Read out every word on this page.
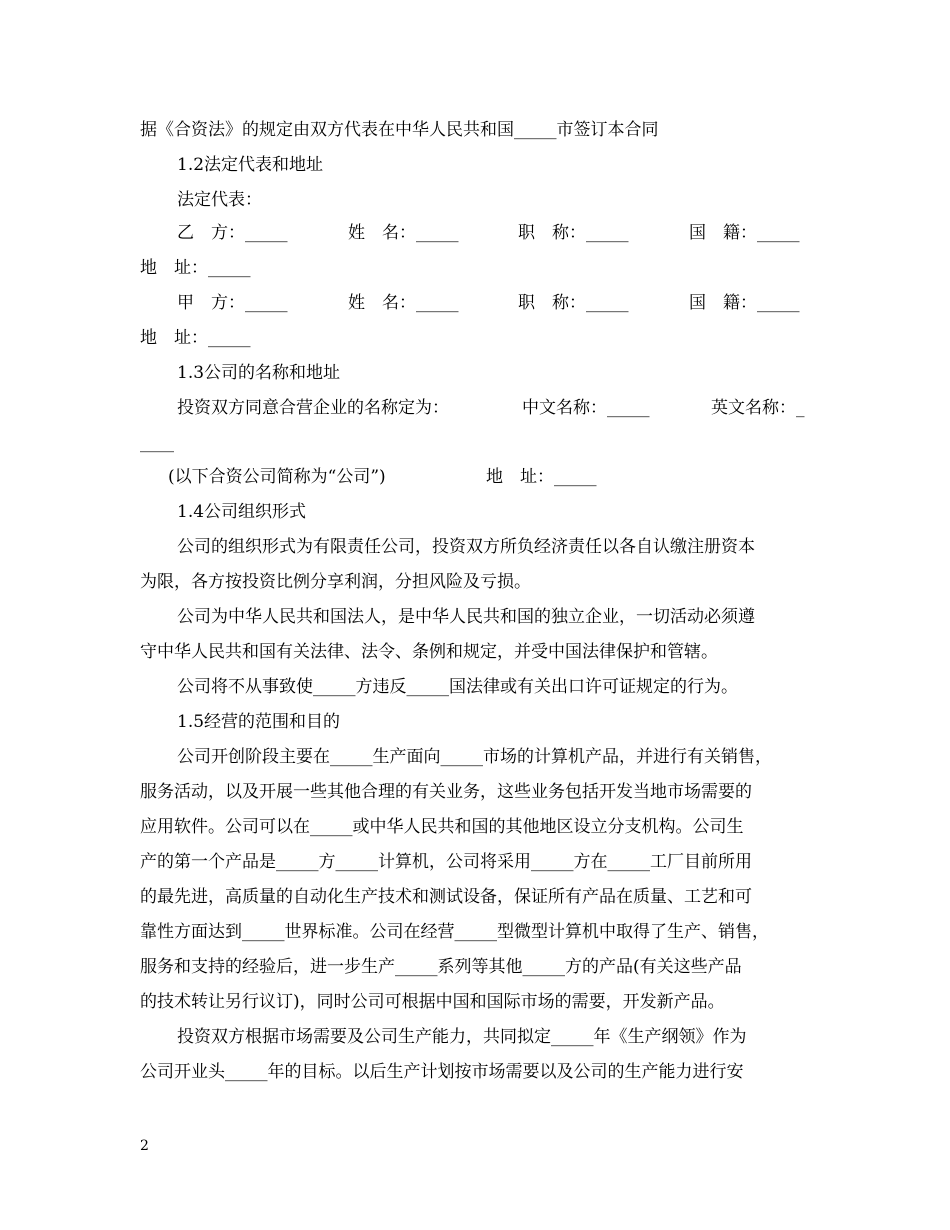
据《合资法》的规定由双方代表在中华人民共和国_____市签订本合同
1.2法定代表和地址
法定代表：
乙　方：_____	姓　名：_____	职　称：_____	国　籍：_____
地　址：_____
甲　方：_____	姓　名：_____	职　称：_____	国　籍：_____
地　址：_____
1.3公司的名称和地址
投资双方同意合营企业的名称定为：	中文名称：_____	英文名称：_
____
(以下合资公司简称为“公司”)	地　址：_____
1.4公司组织形式
公司的组织形式为有限责任公司，投资双方所负经济责任以各自认缴注册资本
为限，各方按投资比例分享利润，分担风险及亏损。
公司为中华人民共和国法人，是中华人民共和国的独立企业，一切活动必须遵
守中华人民共和国有关法律、法令、条例和规定，并受中国法律保护和管辖。
公司将不从事致使_____方违反_____国法律或有关出口许可证规定的行为。
1.5经营的范围和目的
公司开创阶段主要在_____生产面向_____市场的计算机产品，并进行有关销售，
服务活动，以及开展一些其他合理的有关业务，这些业务包括开发当地市场需要的
应用软件。公司可以在_____或中华人民共和国的其他地区设立分支机构。公司生
产的第一个产品是_____方_____计算机，公司将采用_____方在_____工厂目前所用
的最先进，高质量的自动化生产技术和测试设备，保证所有产品在质量、工艺和可
靠性方面达到_____世界标准。公司在经营_____型微型计算机中取得了生产、销售，
服务和支持的经验后，进一步生产_____系列等其他_____方的产品(有关这些产品
的技术转让另行议订)，同时公司可根据中国和国际市场的需要，开发新产品。
投资双方根据市场需要及公司生产能力，共同拟定_____年《生产纲领》作为
公司开业头_____年的目标。以后生产计划按市场需要以及公司的生产能力进行安
2
